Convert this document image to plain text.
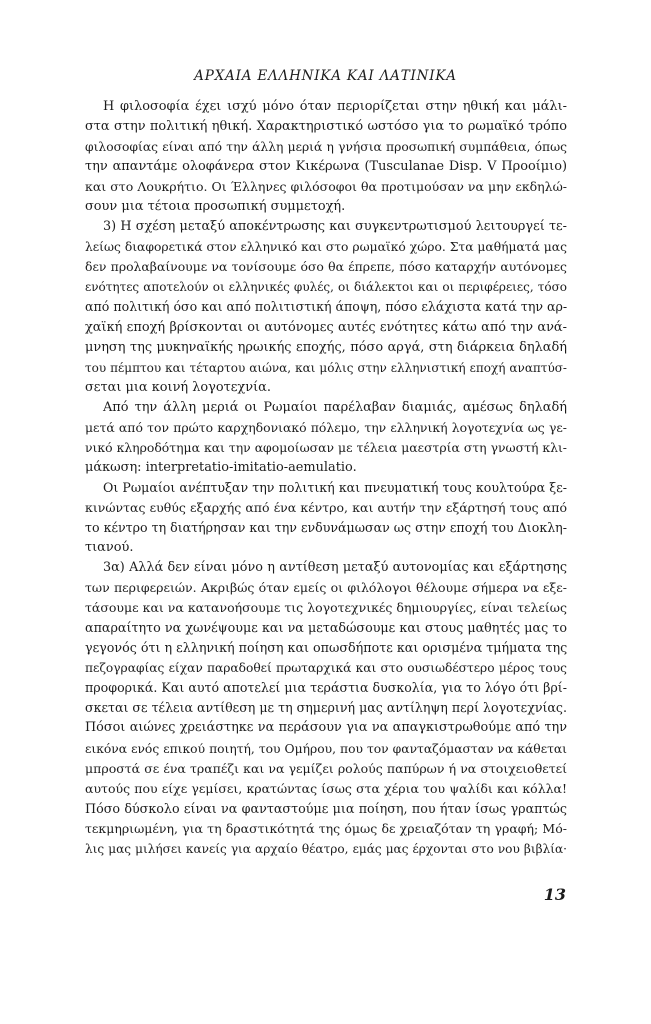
ΑΡΧΑΙΑ ΕΛΛΗΝΙΚΑ ΚΑΙ ΛΑΤΙΝΙΚΑ
Η φιλοσοφία έχει ισχύ μόνο όταν περιορίζεται στην ηθική και μάλι-
στα στην πολιτική ηθική. Χαρακτηριστικό ωστόσο για το ρωμαϊκό τρόπο
φιλοσοφίας είναι από την άλλη μεριά η γνήσια προσωπική συμπάθεια, όπως
την απαντάμε ολοφάνερα στον Κικέρωνα (Tusculanae Disp. V Προοίμιο)
και στο Λουκρήτιο. Οι Έλληνες φιλόσοφοι θα προτιμούσαν να μην εκδηλώ-
σουν μια τέτοια προσωπική συμμετοχή.
3) Η σχέση μεταξύ αποκέντρωσης και συγκεντρωτισμού λειτουργεί τε-
λείως διαφορετικά στον ελληνικό και στο ρωμαϊκό χώρο. Στα μαθήματά μας
δεν προλαβαίνουμε να τονίσουμε όσο θα έπρεπε, πόσο καταρχήν αυτόνομες
ενότητες αποτελούν οι ελληνικές φυλές, οι διάλεκτοι και οι περιφέρειες, τόσο
από πολιτική όσο και από πολιτιστική άποψη, πόσο ελάχιστα κατά την αρ-
χαϊκή εποχή βρίσκονται οι αυτόνομες αυτές ενότητες κάτω από την ανά-
μνηση της μυκηναϊκής ηρωικής εποχής, πόσο αργά, στη διάρκεια δηλαδή
του πέμπτου και τέταρτου αιώνα, και μόλις στην ελληνιστική εποχή αναπτύσ-
σεται μια κοινή λογοτεχνία.
Από την άλλη μεριά οι Ρωμαίοι παρέλαβαν διαμιάς, αμέσως δηλαδή
μετά από τον πρώτο καρχηδονιακό πόλεμο, την ελληνική λογοτεχνία ως γε-
νικό κληροδότημα και την αφομοίωσαν με τέλεια μαεστρία στη γνωστή κλι-
μάκωση: interpretatio-imitatio-aemulatio.
Οι Ρωμαίοι ανέπτυξαν την πολιτική και πνευματική τους κουλτούρα ξε-
κινώντας ευθύς εξαρχής από ένα κέντρο, και αυτήν την εξάρτησή τους από
το κέντρο τη διατήρησαν και την ενδυνάμωσαν ως στην εποχή του Διοκλη-
τιανού.
3α) Αλλά δεν είναι μόνο η αντίθεση μεταξύ αυτονομίας και εξάρτησης
των περιφερειών. Ακριβώς όταν εμείς οι φιλόλογοι θέλουμε σήμερα να εξε-
τάσουμε και να κατανοήσουμε τις λογοτεχνικές δημιουργίες, είναι τελείως
απαραίτητο να χωνέψουμε και να μεταδώσουμε και στους μαθητές μας το
γεγονός ότι η ελληνική ποίηση και οπωσδήποτε και ορισμένα τμήματα της
πεζογραφίας είχαν παραδοθεί πρωταρχικά και στο ουσιωδέστερο μέρος τους
προφορικά. Και αυτό αποτελεί μια τεράστια δυσκολία, για το λόγο ότι βρί-
σκεται σε τέλεια αντίθεση με τη σημερινή μας αντίληψη περί λογοτεχνίας.
Πόσοι αιώνες χρειάστηκε να περάσουν για να απαγκιστρωθούμε από την
εικόνα ενός επικού ποιητή, του Ομήρου, που τον φανταζόμασταν να κάθεται
μπροστά σε ένα τραπέζι και να γεμίζει ρολούς παπύρων ή να στοιχειοθετεί
αυτούς που είχε γεμίσει, κρατώντας ίσως στα χέρια του ψαλίδι και κόλλα!
Πόσο δύσκολο είναι να φανταστούμε μια ποίηση, που ήταν ίσως γραπτώς
τεκμηριωμένη, για τη δραστικότητά της όμως δε χρειαζόταν τη γραφή; Μό-
λις μας μιλήσει κανείς για αρχαίο θέατρο, εμάς μας έρχονται στο νου βιβλία·
13
